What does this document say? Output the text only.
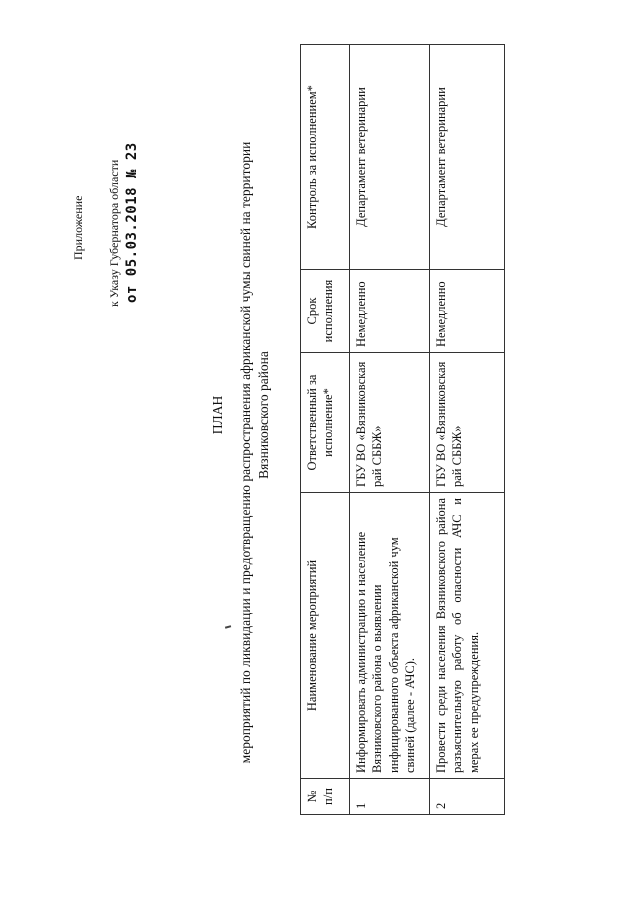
Приложение к Указу Губернатора области от 05.03.2018 № 23
ПЛАН мероприятий по ликвидации и предотвращению распространения африканской чумы свиней на территории Вязниковского района
№ п/п	Наименование мероприятий	Ответственный за исполнение*	Срок исполнения	Контроль за исполнением*
1	Информировать администрацию и население Вязниковского района о выявлении инфицированного объекта африканской чум свиней (далее - АЧС).	ГБУ ВО «Вязниковская рай СББЖ»	Немедленно	Департамент ветеринарии
2	Провести среди населения Вязниковского района разъяснительную работу об опасности АЧС и мерах ее предупреждения.	ГБУ ВО «Вязниковская рай СББЖ»	Немедленно	Департамент ветеринарии
